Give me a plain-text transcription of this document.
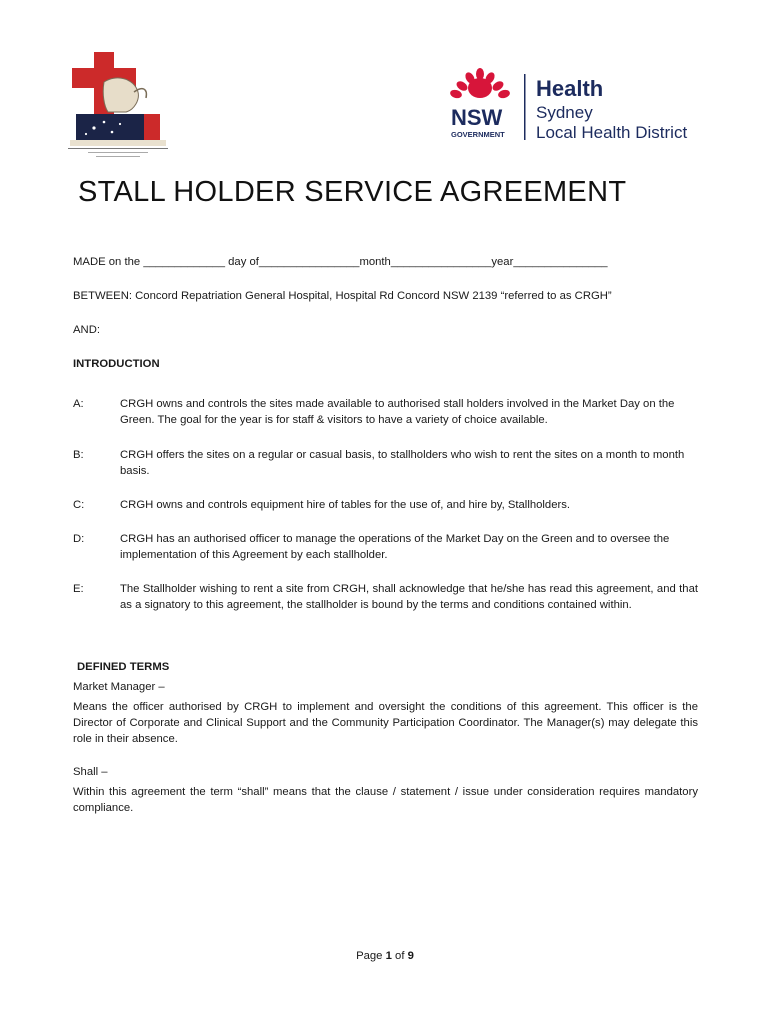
NSW
GOVERNMENT
Health
Sydney
Local Health District
STALL HOLDER SERVICE AGREEMENT
MADE on the _____________ day of________________month________________year_______________
BETWEEN: Concord Repatriation General Hospital, Hospital Rd Concord NSW 2139 “referred to as CRGH”
AND:
INTRODUCTION
A:	CRGH owns and controls the sites made available to authorised stall holders involved in the Market Day on the Green. The goal for the year is for staff & visitors to have a variety of choice available.
B:	CRGH offers the sites on a regular or casual basis, to stallholders who wish to rent the sites on a month to month basis.
C:	CRGH owns and controls equipment hire of tables for the use of, and hire by, Stallholders.
D:	CRGH has an authorised officer to manage the operations of the Market Day on the Green and to oversee the implementation of this Agreement by each stallholder.
E:	The Stallholder wishing to rent a site from CRGH, shall acknowledge that he/she has read this agreement, and that as a signatory to this agreement, the stallholder is bound by the terms and conditions contained within.
DEFINED TERMS
Market Manager –
Means the officer authorised by CRGH to implement and oversight the conditions of this agreement. This officer is the Director of Corporate and Clinical Support and the Community Participation Coordinator. The Manager(s) may delegate this role in their absence.
Shall –
Within this agreement the term “shall” means that the clause / statement / issue under consideration requires mandatory compliance.
Page 1 of 9
